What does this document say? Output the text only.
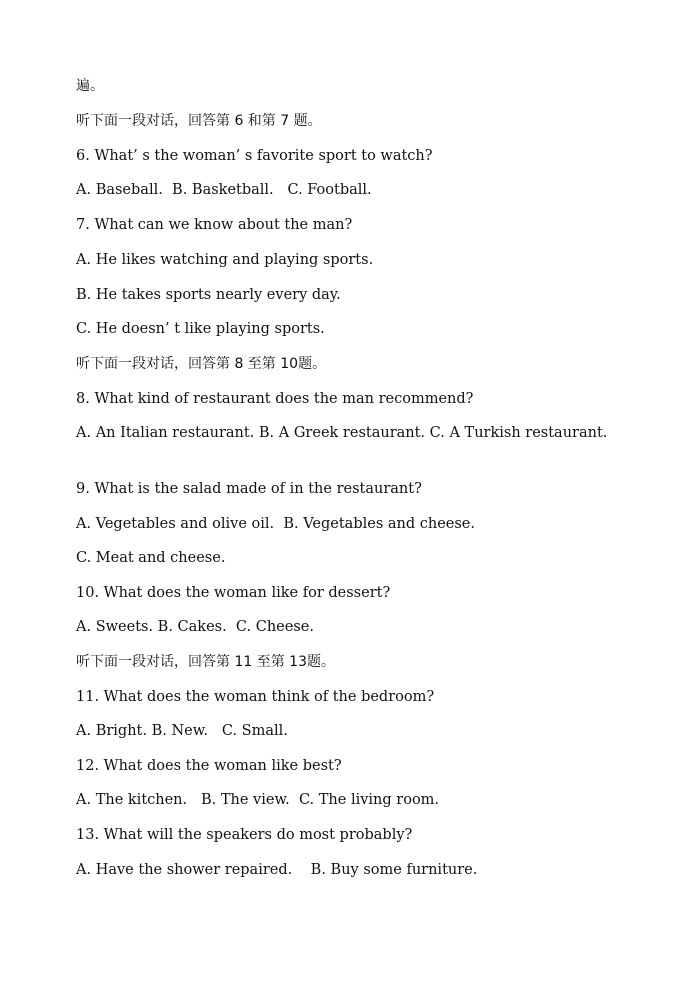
遍。
听下面一段对话，回答第 6 和第 7 题。
6. What’ s the woman’ s favorite sport to watch?
A. Baseball.  B. Basketball.   C. Football.
7. What can we know about the man?
A. He likes watching and playing sports.
B. He takes sports nearly every day.
C. He doesn’ t like playing sports.
听下面一段对话，回答第 8 至第 10题。
8. What kind of restaurant does the man recommend?
A. An Italian restaurant. B. A Greek restaurant. C. A Turkish restaurant.
9. What is the salad made of in the restaurant?
A. Vegetables and olive oil.  B. Vegetables and cheese.
C. Meat and cheese.
10. What does the woman like for dessert?
A. Sweets. B. Cakes.  C. Cheese.
听下面一段对话，回答第 11 至第 13题。
11. What does the woman think of the bedroom?
A. Bright. B. New.   C. Small.
12. What does the woman like best?
A. The kitchen.   B. The view.  C. The living room.
13. What will the speakers do most probably?
A. Have the shower repaired.    B. Buy some furniture.
